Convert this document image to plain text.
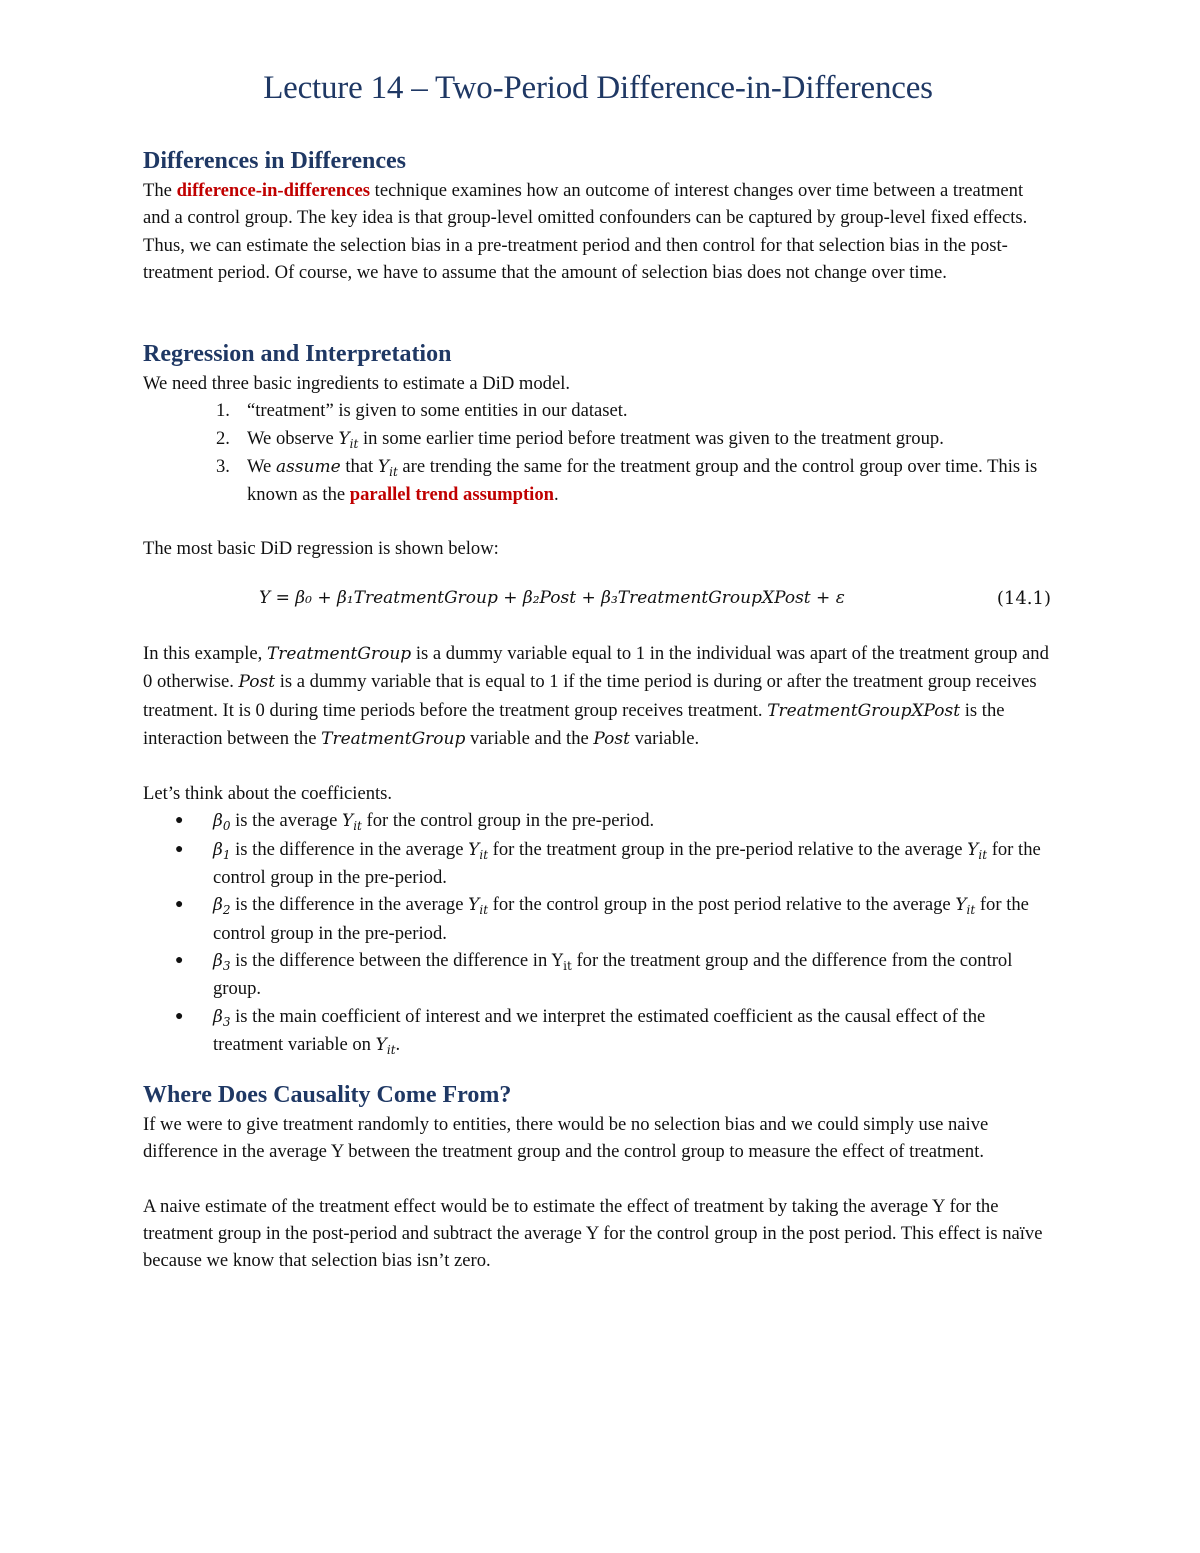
Lecture 14 – Two-Period Difference-in-Differences
Differences in Differences

The difference-in-differences technique examines how an outcome of interest changes over time between a treatment and a control group. The key idea is that group-level omitted confounders can be captured by group-level fixed effects. Thus, we can estimate the selection bias in a pre-treatment period and then control for that selection bias in the post-treatment period. Of course, we have to assume that the amount of selection bias does not change over time.

Regression and Interpretation

We need three basic ingredients to estimate a DiD model.

1. “treatment” is given to some entities in our dataset.
2. We observe $Y_{it}$ in some earlier time period before treatment was given to the treatment group.
3. We assume that $Y_{it}$ are trending the same for the treatment group and the control group over time. This is known as the parallel trend assumption.

The most basic DiD regression is shown below:

Y = β₀ + β₁TreatmentGroup + β₂Post + β₃TreatmentGroupXPost + ε	(14.1)

In this example, TreatmentGroup is a dummy variable equal to 1 in the individual was apart of the treatment group and 0 otherwise. Post is a dummy variable that is equal to 1 if the time period is during or after the treatment group receives treatment. It is 0 during time periods before the treatment group receives treatment. TreatmentGroupXPost is the interaction between the TreatmentGroup variable and the Post variable.

Let’s think about the coefficients.

● $\beta_0$ is the average $Y_{it}$ for the control group in the pre-period.
● $\beta_1$ is the difference in the average $Y_{it}$ for the treatment group in the pre-period relative to the average $Y_{it}$ for the control group in the pre-period.
● $\beta_2$ is the difference in the average $Y_{it}$ for the control group in the post period relative to the average $Y_{it}$ for the control group in the pre-period.
● $\beta_3$ is the difference between the difference in $Y_{it}$ for the treatment group and the difference from the control group.
● $\beta_3$ is the main coefficient of interest and we interpret the estimated coefficient as the causal effect of the treatment variable on $Y_{it}$.
Where Does Causality Come From?

If we were to give treatment randomly to entities, there would be no selection bias and we could simply use naive difference in the average Y between the treatment group and the control group to measure the effect of treatment.

A naive estimate of the treatment effect would be to estimate the effect of treatment by taking the average Y for the treatment group in the post-period and subtract the average Y for the control group in the post period. This effect is naïve because we know that selection bias isn’t zero.
